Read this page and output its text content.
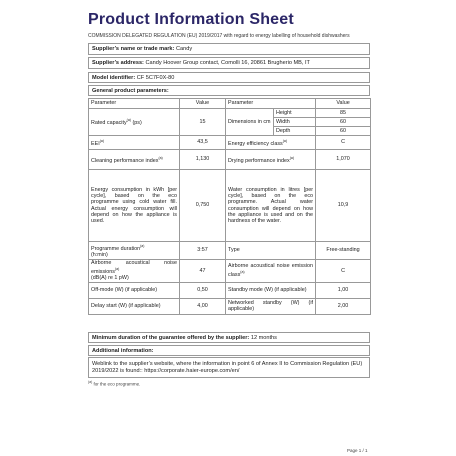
Product Information Sheet
COMMISSION DELEGATED REGULATION (EU) 2019/2017 with regard to energy labelling of household dishwashers
Supplier’s name or trade mark:
Candy
Supplier’s address:
Candy Hoover Group contact, Comolli 16, 20861 Brugherio MB, IT
Model identifier:
CF 5C7F0X-80
General product parameters:
Parameter	Value	Parameter		Value
Rated capacity$^{(a)}$ (ps)	15	Dimensions in cm	Height	85
			Width	60
			Depth	60
EEI$^{(a)}$	43,5	Energy efficiency class$^{(a)}$		C
Cleaning performance index$^{(a)}$	1,130	Drying performance index$^{(a)}$		1,070
Energy consumption in kWh [per cycle], based on the eco programme using cold water fill. Actual energy consumption will depend on how the appliance is used.	0,750	Water consumption in litres [per cycle], based on the eco programme. Actual water consumption will depend on how the appliance is used and on the hardness of the water.		10,9
Programme duration$^{(a)}$
(h:min)	3:57	Type		Free-standing
Airborne acoustical noise emissions$^{(a)}$
(dB(A) re 1 pW)	47	Airborne acoustical noise emission class$^{(a)}$		C
Off-mode (W) (if applicable)	0,50	Standby mode (W) (if applicable)		1,00
Delay start (W) (if applicable)	4,00	Networked standby (W) (if applicable)		2,00
Minimum duration of the guarantee offered by the supplier:
12 months
Additional information:
Weblink to the supplier’s website, where the information in point 6 of Annex II to Commission Regulation (EU) 2019/2022 is found:: https://corporate.haier-europe.com/en/
$^{(a)}$ for the eco programme.
Page 1 / 1
